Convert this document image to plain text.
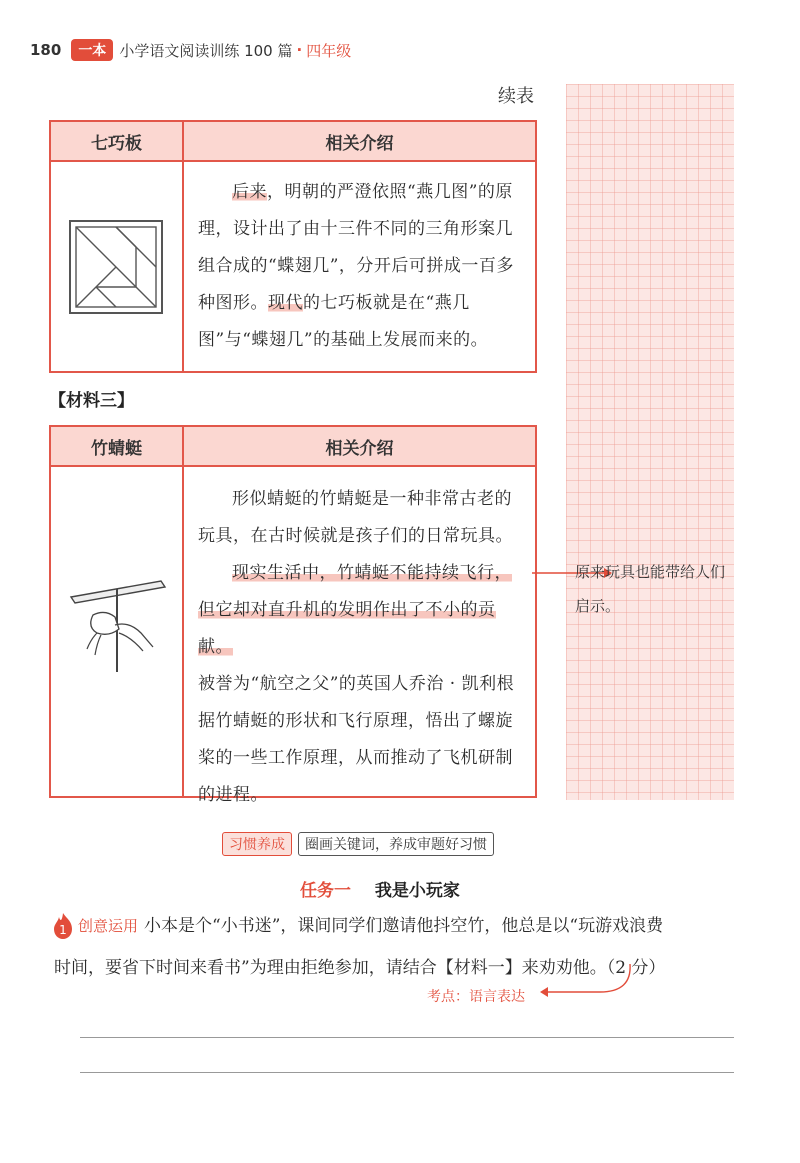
180	一本 小学语文阅读训练 100 篇 · 四年级
续表
七巧板	相关介绍

后来，明朝的严澄依照“燕几图”的原理，设计出了由十三件不同的三角形案几组合成的“蝶翅几”，分开后可拼成一百多种图形。现代的七巧板就是在“燕几图”与“蝶翅几”的基础上发展而来的。

【材料三】
竹蜻蜓	相关介绍

形似蜻蜓的竹蜻蜓是一种非常古老的玩具，在古时候就是孩子们的日常玩具。

现实生活中，竹蜻蜓不能持续飞行，但它却对直升机的发明作出了不小的贡献。

被誉为“航空之父”的英国人乔治 · 凯利根据竹蜻蜓的形状和飞行原理，悟出了螺旋桨的一些工作原理，从而推动了飞机研制的进程。

原来玩具也能带给人们启示。
习惯养成	圈画关键词，养成审题好习惯
任务一 我是小玩家
1 创意运用 小本是个“小书迷”，课间同学们邀请他抖空竹，他总是以“玩游戏浪费
时间，要省下时间来看书”为理由拒绝参加，请结合【材料一】来劝劝他。（2 分）
考点：语言表达
